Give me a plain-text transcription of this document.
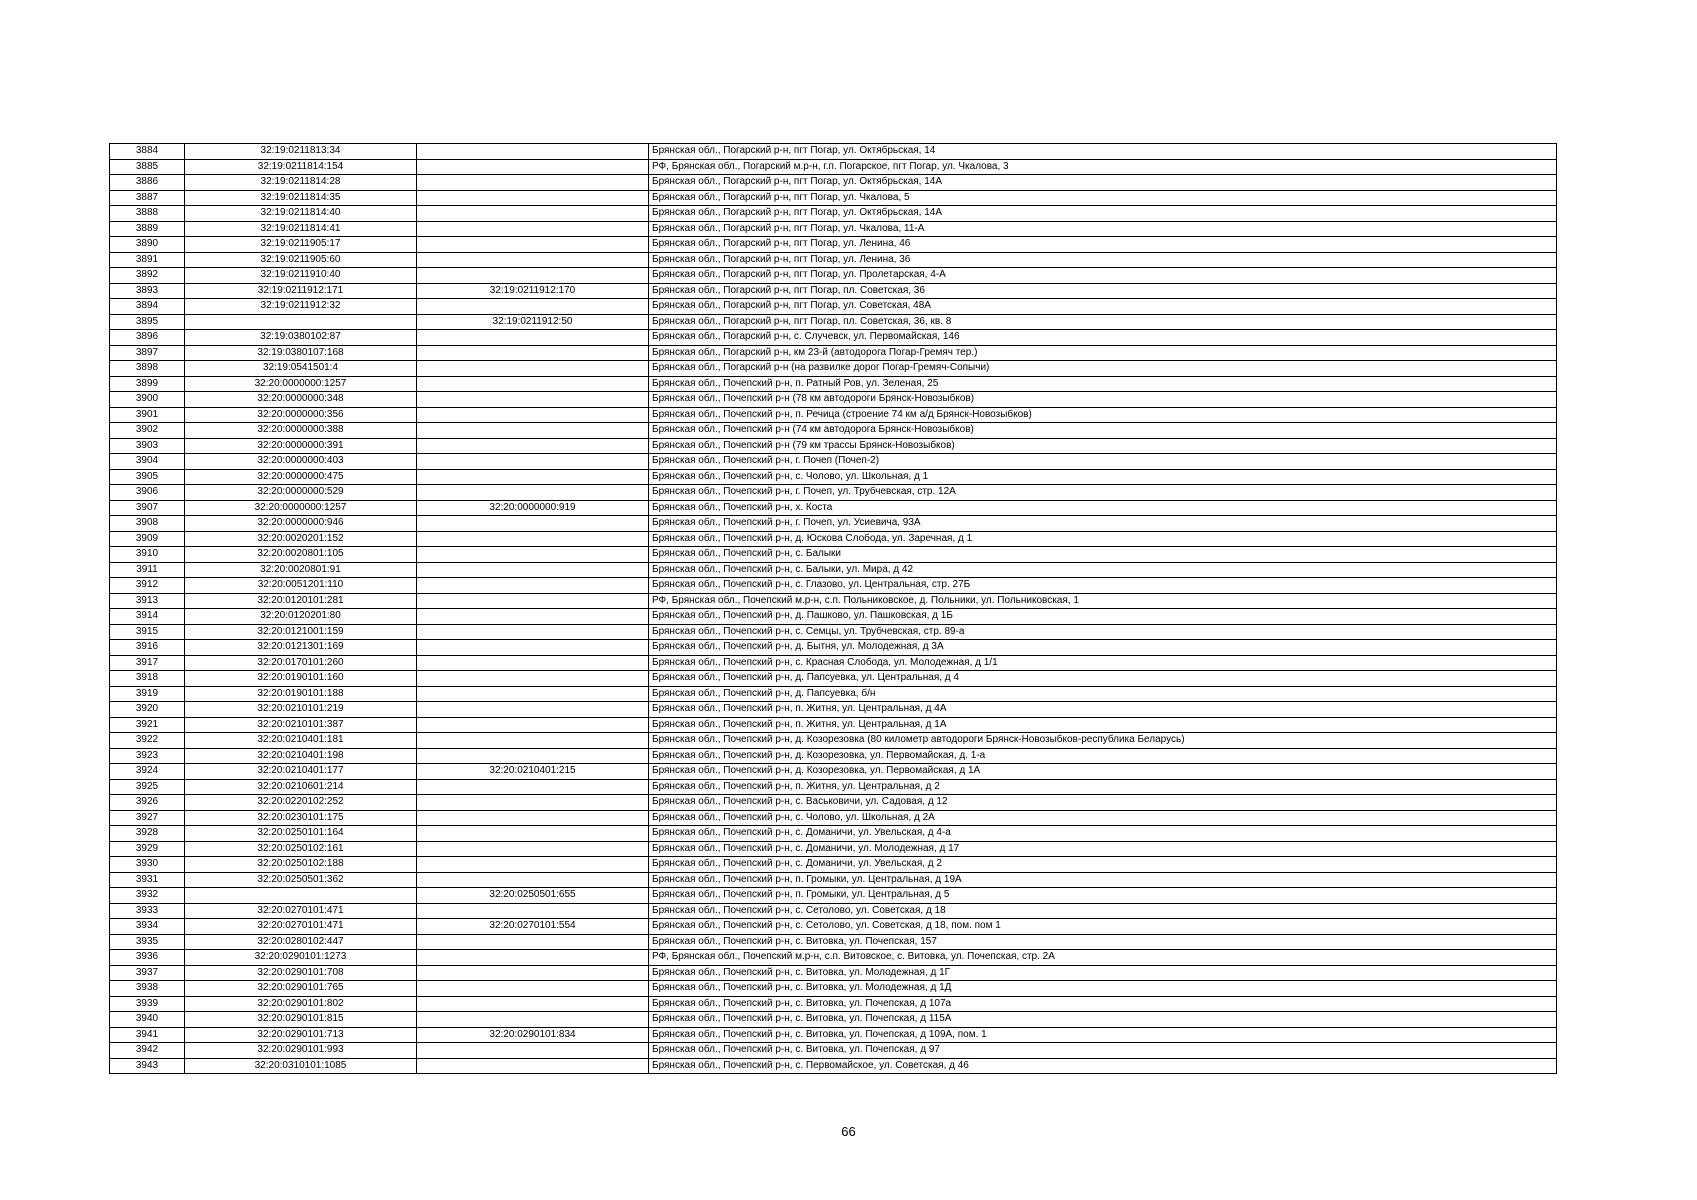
3884	32:19:0211813:34		Брянская обл., Погарский р-н, пгт Погар, ул. Октябрьская, 14
3885	32:19:0211814:154		РФ, Брянская обл., Погарский м.р-н, г.п. Погарское, пгт Погар, ул. Чкалова, 3
3886	32:19:0211814:28		Брянская обл., Погарский р-н, пгт Погар, ул. Октябрьская, 14А
3887	32:19:0211814:35		Брянская обл., Погарский р-н, пгт Погар, ул. Чкалова, 5
3888	32:19:0211814:40		Брянская обл., Погарский р-н, пгт Погар, ул. Октябрьская, 14А
3889	32:19:0211814:41		Брянская обл., Погарский р-н, пгт Погар, ул. Чкалова, 11-А
3890	32:19:0211905:17		Брянская обл., Погарский р-н, пгт Погар, ул. Ленина, 46
3891	32:19:0211905:60		Брянская обл., Погарский р-н, пгт Погар, ул. Ленина, 36
3892	32:19:0211910:40		Брянская обл., Погарский р-н, пгт Погар, ул. Пролетарская, 4-А
3893	32:19:0211912:171	32:19:0211912:170	Брянская обл., Погарский р-н, пгт Погар, пл. Советская, 36
3894	32:19:0211912:32		Брянская обл., Погарский р-н, пгт Погар, ул. Советская, 48А
3895		32:19:0211912:50	Брянская обл., Погарский р-н, пгт Погар, пл. Советская, 36, кв. 8
3896	32:19:0380102:87		Брянская обл., Погарский р-н, с. Случевск, ул. Первомайская, 146
3897	32:19:0380107:168		Брянская обл., Погарский р-н, км 23-й (автодорога Погар-Гремяч тер.)
3898	32:19:0541501:4		Брянская обл., Погарский р-н (на развилке дорог Погар-Гремяч-Сопычи)
3899	32:20:0000000:1257		Брянская обл., Почепский р-н, п. Ратный Ров, ул. Зеленая, 25
3900	32:20:0000000:348		Брянская обл., Почепский р-н (78 км автодороги Брянск-Новозыбков)
3901	32:20:0000000:356		Брянская обл., Почепский р-н, п. Речица (строение 74 км а/д Брянск-Новозыбков)
3902	32:20:0000000:388		Брянская обл., Почепский р-н (74 км автодорога Брянск-Новозыбков)
3903	32:20:0000000:391		Брянская обл., Почепский р-н (79 км трассы Брянск-Новозыбков)
3904	32:20:0000000:403		Брянская обл., Почепский р-н, г. Почеп (Почеп-2)
3905	32:20:0000000:475		Брянская обл., Почепский р-н, с. Чолово, ул. Школьная, д 1
3906	32:20:0000000:529		Брянская обл., Почепский р-н, г. Почеп, ул. Трубчевская, стр. 12А
3907	32:20:0000000:1257	32:20:0000000:919	Брянская обл., Почепский р-н, х. Коста
3908	32:20:0000000:946		Брянская обл., Почепский р-н, г. Почеп, ул. Усиевича, 93А
3909	32:20:0020201:152		Брянская обл., Почепский р-н, д. Юскова Слобода, ул. Заречная, д 1
3910	32:20:0020801:105		Брянская обл., Почепский р-н, с. Балыки
3911	32:20:0020801:91		Брянская обл., Почепский р-н, с. Балыки, ул. Мира, д 42
3912	32:20:0051201:110		Брянская обл., Почепский р-н, с. Глазово, ул. Центральная, стр. 27Б
3913	32:20:0120101:281		РФ, Брянская обл., Почепский м.р-н, с.п. Польниковское, д. Польники, ул. Польниковская, 1
3914	32:20:0120201:80		Брянская обл., Почепский р-н, д. Пашково, ул. Пашковская, д 1Б
3915	32:20:0121001:159		Брянская обл., Почепский р-н, с. Семцы, ул. Трубчевская, стр. 89-а
3916	32:20:0121301:169		Брянская обл., Почепский р-н, д. Бытня, ул. Молодежная, д 3А
3917	32:20:0170101:260		Брянская обл., Почепский р-н, с. Красная Слобода, ул. Молодежная, д 1/1
3918	32:20:0190101:160		Брянская обл., Почепский р-н, д. Папсуевка, ул. Центральная, д 4
3919	32:20:0190101:188		Брянская обл., Почепский р-н, д. Папсуевка, б/н
3920	32:20:0210101:219		Брянская обл., Почепский р-н, п. Житня, ул. Центральная, д 4А
3921	32:20:0210101:387		Брянская обл., Почепский р-н, п. Житня, ул. Центральная, д 1А
3922	32:20:0210401:181		Брянская обл., Почепский р-н, д. Козорезовка (80 километр автодороги Брянск-Новозыбков-республика Беларусь)
3923	32:20:0210401:198		Брянская обл., Почепский р-н, д. Козорезовка, ул. Первомайская, д. 1-а
3924	32:20:0210401:177	32:20:0210401:215	Брянская обл., Почепский р-н, д. Козорезовка, ул. Первомайская, д 1А
3925	32:20:0210601:214		Брянская обл., Почепский р-н, п. Житня, ул. Центральная, д 2
3926	32:20:0220102:252		Брянская обл., Почепский р-н, с. Васьковичи, ул. Садовая, д 12
3927	32:20:0230101:175		Брянская обл., Почепский р-н, с. Чолово, ул. Школьная, д 2А
3928	32:20:0250101:164		Брянская обл., Почепский р-н, с. Доманичи, ул. Увельская, д 4-а
3929	32:20:0250102:161		Брянская обл., Почепский р-н, с. Доманичи, ул. Молодежная, д 17
3930	32:20:0250102:188		Брянская обл., Почепский р-н, с. Доманичи, ул. Увельская, д 2
3931	32:20:0250501:362		Брянская обл., Почепский р-н, п. Громыки, ул. Центральная, д 19А
3932		32:20:0250501:655	Брянская обл., Почепский р-н, п. Громыки, ул. Центральная, д 5
3933	32:20:0270101:471		Брянская обл., Почепский р-н, с. Сетолово, ул. Советская, д 18
3934	32:20:0270101:471	32:20:0270101:554	Брянская обл., Почепский р-н, с. Сетолово, ул. Советская, д 18, пом. пом 1
3935	32:20:0280102:447		Брянская обл., Почепский р-н, с. Витовка, ул. Почепская, 157
3936	32:20:0290101:1273		РФ, Брянская обл., Почепский м.р-н, с.п. Витовское, с. Витовка, ул. Почепская, стр. 2А
3937	32:20:0290101:708		Брянская обл., Почепский р-н, с. Витовка, ул. Молодежная, д 1Г
3938	32:20:0290101:765		Брянская обл., Почепский р-н, с. Витовка, ул. Молодежная, д 1Д
3939	32:20:0290101:802		Брянская обл., Почепский р-н, с. Витовка, ул. Почепская, д 107а
3940	32:20:0290101:815		Брянская обл., Почепский р-н, с. Витовка, ул. Почепская, д 115А
3941	32:20:0290101:713	32:20:0290101:834	Брянская обл., Почепский р-н, с. Витовка, ул. Почепская, д 109А, пом. 1
3942	32:20:0290101:993		Брянская обл., Почепский р-н, с. Витовка, ул. Почепская, д 97
3943	32:20:0310101:1085		Брянская обл., Почепский р-н, с. Первомайское, ул. Советская, д 46
66
